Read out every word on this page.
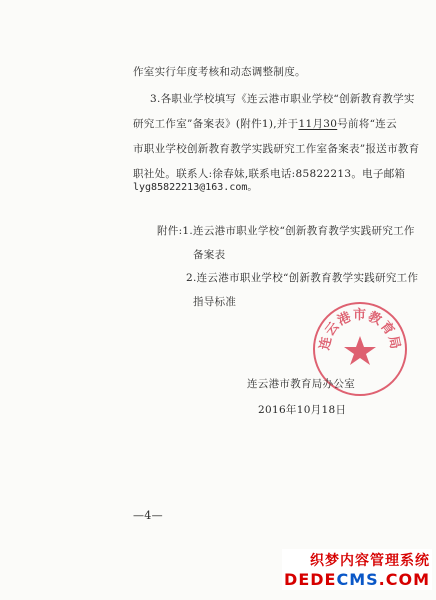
作室实行年度考核和动态调整制度。
3.各职业学校填写《连云港市职业学校“创新教育教学实
研究工作室”备案表》(附件1),并于11月30号前将“连云
市职业学校创新教育教学实践研究工作室备案表”报送市教育
职社处。联系人:徐春妹,联系电话:85822213。电子邮箱
lyg85822213@163.com。
附件:1.连云港市职业学校“创新教育教学实践研究工作
备案表
2.连云港市职业学校“创新教育教学实践研究工作
指导标准
连云港市教育局
连云港市教育局办公室
2016年10月18日
—4—
织梦内容管理系统
DEDECMS.COM
